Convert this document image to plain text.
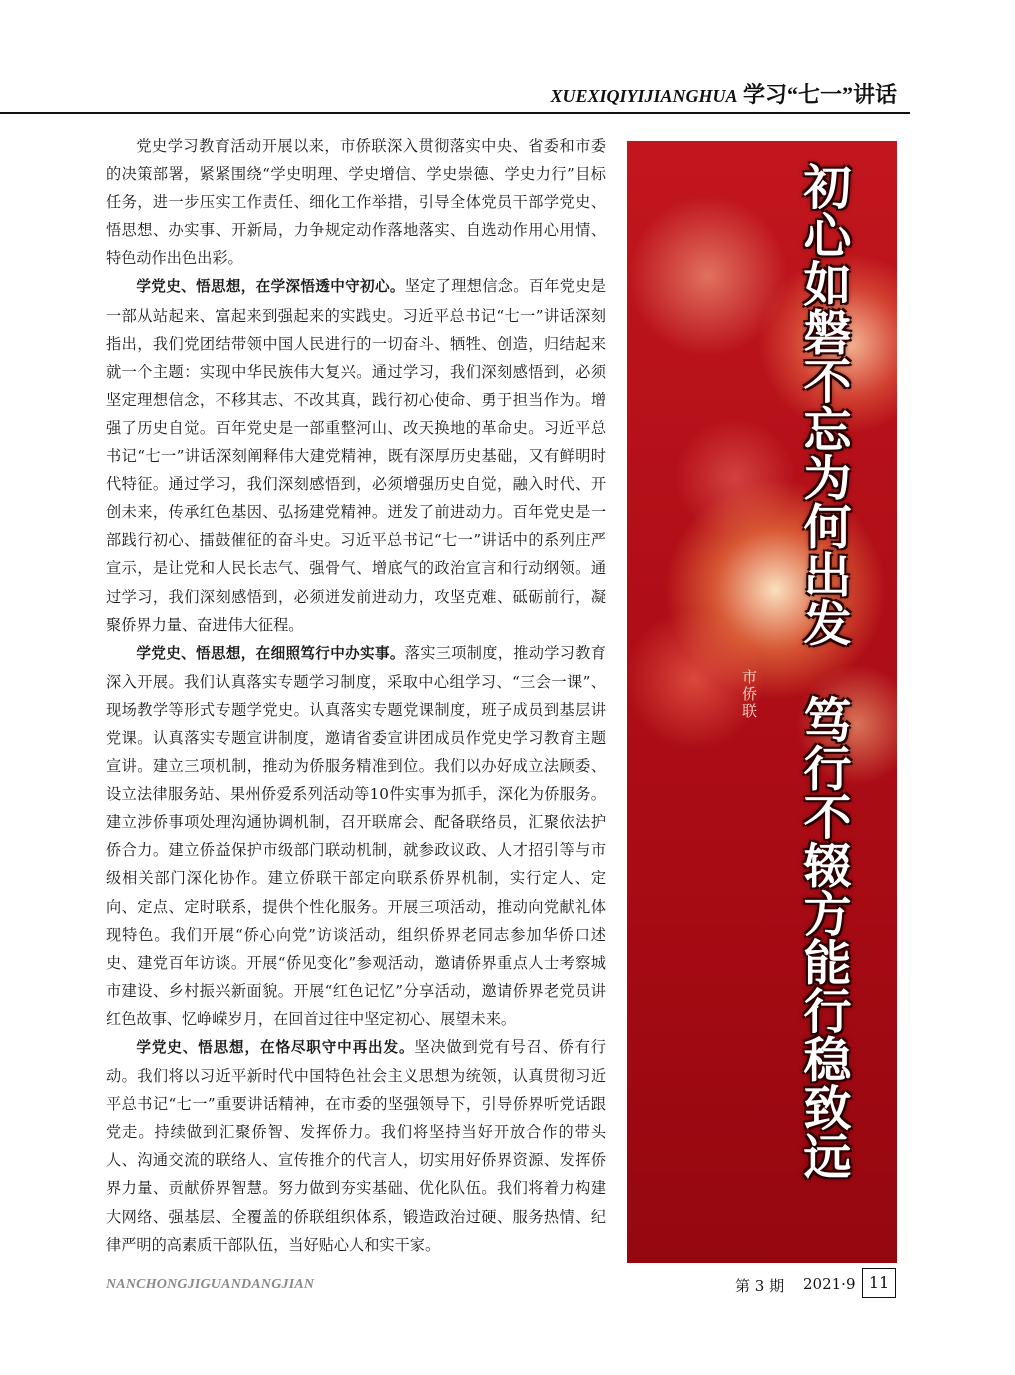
XUEXIQIYIJIANGHUA 学习“七一”讲话

党史学习教育活动开展以来，市侨联深入贯彻落实中央、省委和市委的决策部署，紧紧围绕“学史明理、学史增信、学史崇德、学史力行”目标任务，进一步压实工作责任、细化工作举措，引导全体党员干部学党史、悟思想、办实事、开新局，力争规定动作落地落实、自选动作用心用情、特色动作出色出彩。

学党史、悟思想，在学深悟透中守初心。坚定了理想信念。百年党史是一部从站起来、富起来到强起来的实践史。习近平总书记“七一”讲话深刻指出，我们党团结带领中国人民进行的一切奋斗、牺牲、创造，归结起来就一个主题：实现中华民族伟大复兴。通过学习，我们深刻感悟到，必须坚定理想信念，不移其志、不改其真，践行初心使命、勇于担当作为。增强了历史自觉。百年党史是一部重整河山、改天换地的革命史。习近平总书记“七一”讲话深刻阐释伟大建党精神，既有深厚历史基础，又有鲜明时代特征。通过学习，我们深刻感悟到，必须增强历史自觉，融入时代、开创未来，传承红色基因、弘扬建党精神。迸发了前进动力。百年党史是一部践行初心、擂鼓催征的奋斗史。习近平总书记“七一”讲话中的系列庄严宣示，是让党和人民长志气、强骨气、增底气的政治宣言和行动纲领。通过学习，我们深刻感悟到，必须迸发前进动力，攻坚克难、砥砺前行，凝聚侨界力量、奋进伟大征程。

学党史、悟思想，在细照笃行中办实事。落实三项制度，推动学习教育深入开展。我们认真落实专题学习制度，采取中心组学习、“三会一课”、现场教学等形式专题学党史。认真落实专题党课制度，班子成员到基层讲党课。认真落实专题宣讲制度，邀请省委宣讲团成员作党史学习教育主题宣讲。建立三项机制，推动为侨服务精准到位。我们以办好成立法顾委、设立法律服务站、果州侨爱系列活动等10件实事为抓手，深化为侨服务。建立涉侨事项处理沟通协调机制，召开联席会、配备联络员，汇聚依法护侨合力。建立侨益保护市级部门联动机制，就参政议政、人才招引等与市级相关部门深化协作。建立侨联干部定向联系侨界机制，实行定人、定向、定点、定时联系，提供个性化服务。开展三项活动，推动向党献礼体现特色。我们开展“侨心向党”访谈活动，组织侨界老同志参加华侨口述史、建党百年访谈。开展“侨见变化”参观活动，邀请侨界重点人士考察城市建设、乡村振兴新面貌。开展“红色记忆”分享活动，邀请侨界老党员讲红色故事、忆峥嵘岁月，在回首过往中坚定初心、展望未来。

学党史、悟思想，在恪尽职守中再出发。坚决做到党有号召、侨有行动。我们将以习近平新时代中国特色社会主义思想为统领，认真贯彻习近平总书记“七一”重要讲话精神，在市委的坚强领导下，引导侨界听党话跟党走。持续做到汇聚侨智、发挥侨力。我们将坚持当好开放合作的带头人、沟通交流的联络人、宣传推介的代言人，切实用好侨界资源、发挥侨界力量、贡献侨界智慧。努力做到夯实基础、优化队伍。我们将着力构建大网络、强基层、全覆盖的侨联组织体系，锻造政治过硬、服务热情、纪律严明的高素质干部队伍，当好贴心人和实干家。

初心如磐不忘为何出发笃行不辍方能行稳致远

市侨联
NANCHONGJIGUANDANGJIAN	第 3 期 2021·9 11
